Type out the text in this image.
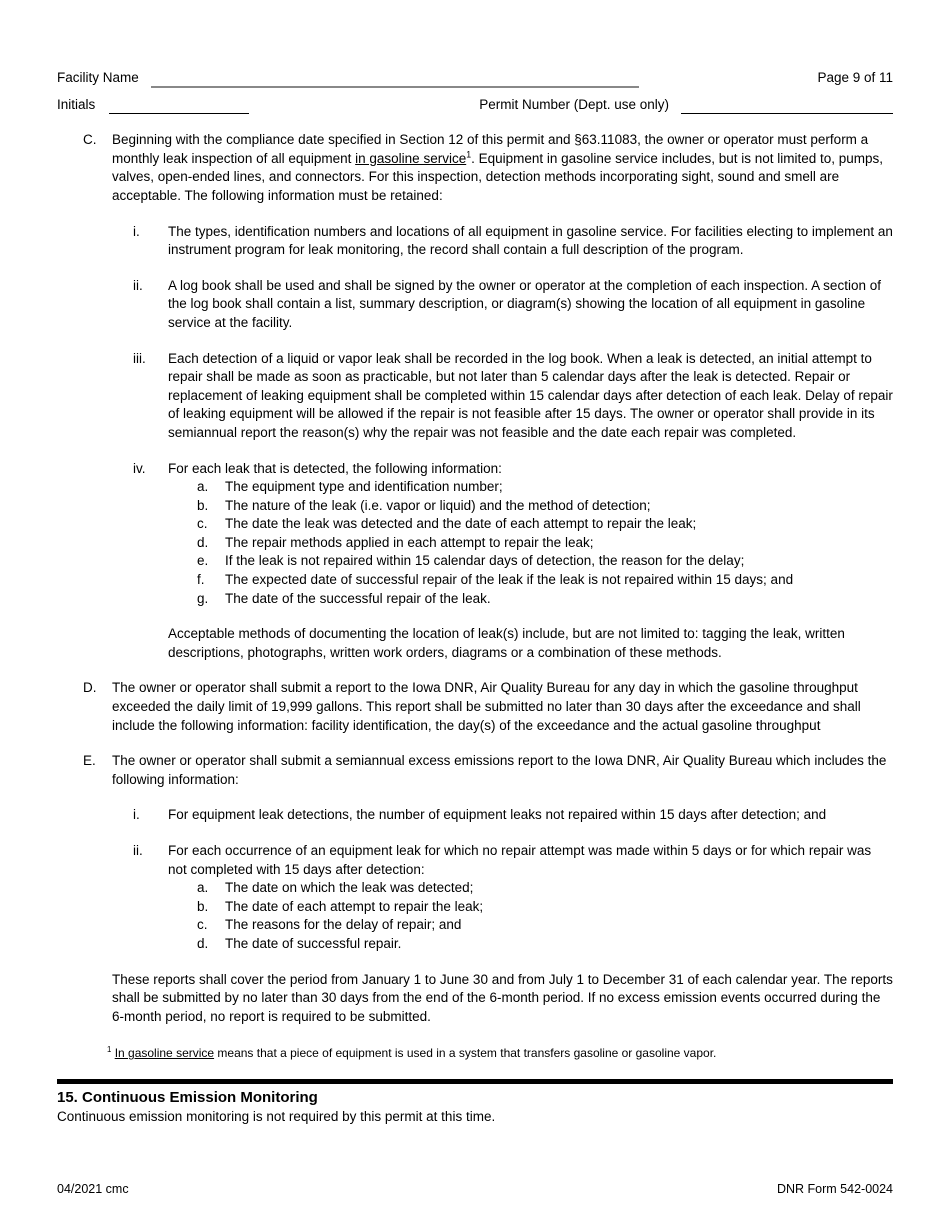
Facility Name	Page 9 of 11
Initials	Permit Number (Dept. use only)
C.	Beginning with the compliance date specified in Section 12 of this permit and §63.11083, the owner or operator must perform a monthly leak inspection of all equipment in gasoline service$^1$. Equipment in gasoline service includes, but is not limited to, pumps, valves, open-ended lines, and connectors. For this inspection, detection methods incorporating sight, sound and smell are acceptable. The following information must be retained:
i.	The types, identification numbers and locations of all equipment in gasoline service. For facilities electing to implement an instrument program for leak monitoring, the record shall contain a full description of the program.
ii.	A log book shall be used and shall be signed by the owner or operator at the completion of each inspection. A section of the log book shall contain a list, summary description, or diagram(s) showing the location of all equipment in gasoline service at the facility.
iii.	Each detection of a liquid or vapor leak shall be recorded in the log book. When a leak is detected, an initial attempt to repair shall be made as soon as practicable, but not later than 5 calendar days after the leak is detected. Repair or replacement of leaking equipment shall be completed within 15 calendar days after detection of each leak. Delay of repair of leaking equipment will be allowed if the repair is not feasible after 15 days. The owner or operator shall provide in its semiannual report the reason(s) why the repair was not feasible and the date each repair was completed.
iv.	For each leak that is detected, the following information:
a.	The equipment type and identification number;
b.	The nature of the leak (i.e. vapor or liquid) and the method of detection;
c.	The date the leak was detected and the date of each attempt to repair the leak;
d.	The repair methods applied in each attempt to repair the leak;
e.	If the leak is not repaired within 15 calendar days of detection, the reason for the delay;
f.	The expected date of successful repair of the leak if the leak is not repaired within 15 days; and
g.	The date of the successful repair of the leak.
Acceptable methods of documenting the location of leak(s) include, but are not limited to: tagging the leak, written descriptions, photographs, written work orders, diagrams or a combination of these methods.
D.	The owner or operator shall submit a report to the Iowa DNR, Air Quality Bureau for any day in which the gasoline throughput exceeded the daily limit of 19,999 gallons. This report shall be submitted no later than 30 days after the exceedance and shall include the following information: facility identification, the day(s) of the exceedance and the actual gasoline throughput
E.	The owner or operator shall submit a semiannual excess emissions report to the Iowa DNR, Air Quality Bureau which includes the following information:
i.	For equipment leak detections, the number of equipment leaks not repaired within 15 days after detection; and
ii.	For each occurrence of an equipment leak for which no repair attempt was made within 5 days or for which repair was not completed with 15 days after detection:
a.	The date on which the leak was detected;
b.	The date of each attempt to repair the leak;
c.	The reasons for the delay of repair; and
d.	The date of successful repair.
These reports shall cover the period from January 1 to June 30 and from July 1 to December 31 of each calendar year. The reports shall be submitted by no later than 30 days from the end of the 6-month period. If no excess emission events occurred during the 6-month period, no report is required to be submitted.
$^1$ In gasoline service means that a piece of equipment is used in a system that transfers gasoline or gasoline vapor.
15. Continuous Emission Monitoring
Continuous emission monitoring is not required by this permit at this time.
04/2021 cmc	DNR Form 542-0024
